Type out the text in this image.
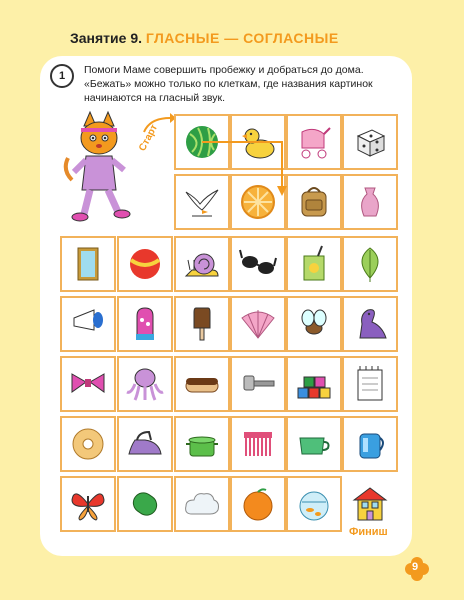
Занятие 9. ГЛАСНЫЕ — СОГЛАСНЫЕ
1	Помоги Маме совершить пробежку и добраться до дома.

«Бежать» можно только по клеткам, где названия картинок начинаются на гласный звук.

Старт
Финиш
9
